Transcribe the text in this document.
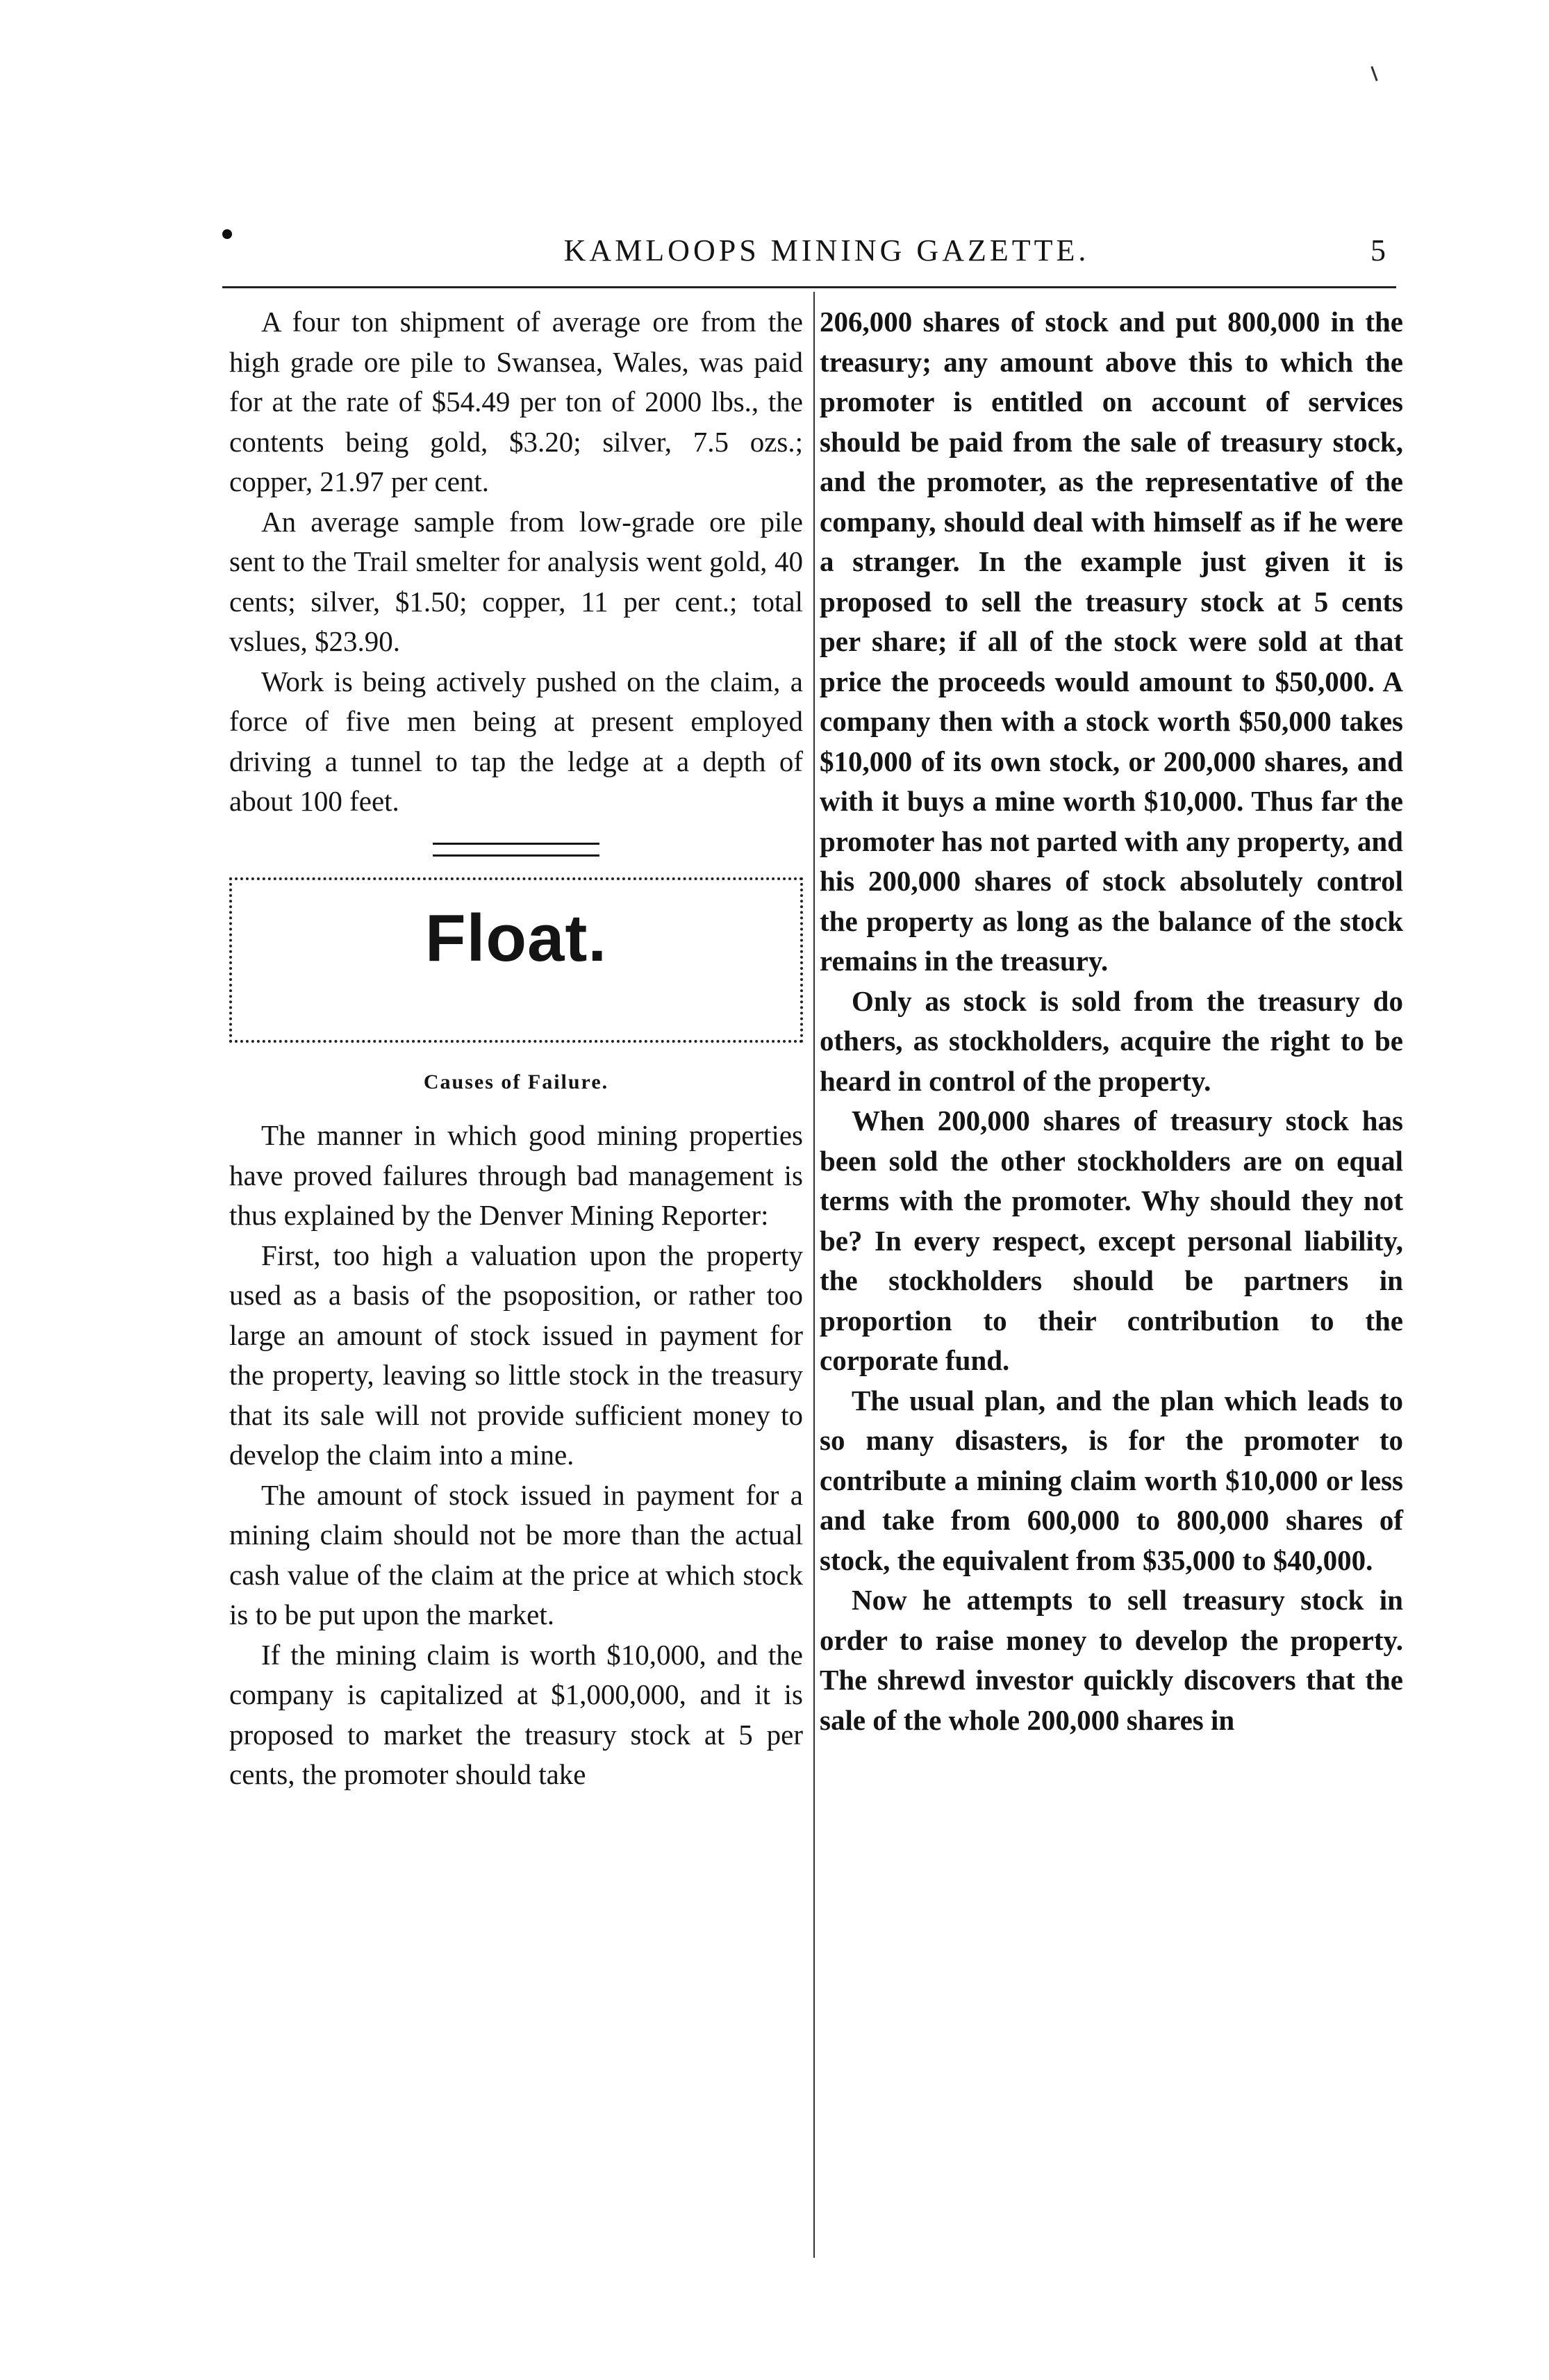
KAMLOOPS MINING GAZETTE.	5

A four ton shipment of average ore from the high grade ore pile to Swansea, Wales, was paid for at the rate of $54.49 per ton of 2000 lbs., the contents being gold, $3.20; silver, 7.5 ozs.; copper, 21.97 per cent.

An average sample from low-grade ore pile sent to the Trail smelter for analysis went gold, 40 cents; silver, $1.50; copper, 11 per cent.; total vslues, $23.90.

Work is being actively pushed on the claim, a force of five men being at present employed driving a tunnel to tap the ledge at a depth of about 100 feet.

Float.
Causes of Failure.

The manner in which good mining properties have proved failures through bad management is thus explained by the Denver Mining Reporter:

First, too high a valuation upon the property used as a basis of the psoposition, or rather too large an amount of stock issued in payment for the property, leaving so little stock in the treasury that its sale will not provide sufficient money to develop the claim into a mine.

The amount of stock issued in payment for a mining claim should not be more than the actual cash value of the claim at the price at which stock is to be put upon the market.

If the mining claim is worth $10,000, and the company is capitalized at $1,000,000, and it is proposed to market the treasury stock at 5 per cents, the promoter should take

206,000 shares of stock and put 800,000 in the treasury; any amount above this to which the promoter is entitled on account of services should be paid from the sale of treasury stock, and the promoter, as the representative of the company, should deal with himself as if he were a stranger. In the example just given it is proposed to sell the treasury stock at 5 cents per share; if all of the stock were sold at that price the proceeds would amount to $50,000. A company then with a stock worth $50,000 takes $10,000 of its own stock, or 200,000 shares, and with it buys a mine worth $10,000. Thus far the promoter has not parted with any property, and his 200,000 shares of stock absolutely control the property as long as the balance of the stock remains in the treasury.

Only as stock is sold from the treasury do others, as stockholders, acquire the right to be heard in control of the property.

When 200,000 shares of treasury stock has been sold the other stockholders are on equal terms with the promoter. Why should they not be? In every respect, except personal liability, the stockholders should be partners in proportion to their contribution to the corporate fund.

The usual plan, and the plan which leads to so many disasters, is for the promoter to contribute a mining claim worth $10,000 or less and take from 600,000 to 800,000 shares of stock, the equivalent from $35,000 to $40,000.

Now he attempts to sell treasury stock in order to raise money to develop the property. The shrewd investor quickly discovers that the sale of the whole 200,000 shares in
